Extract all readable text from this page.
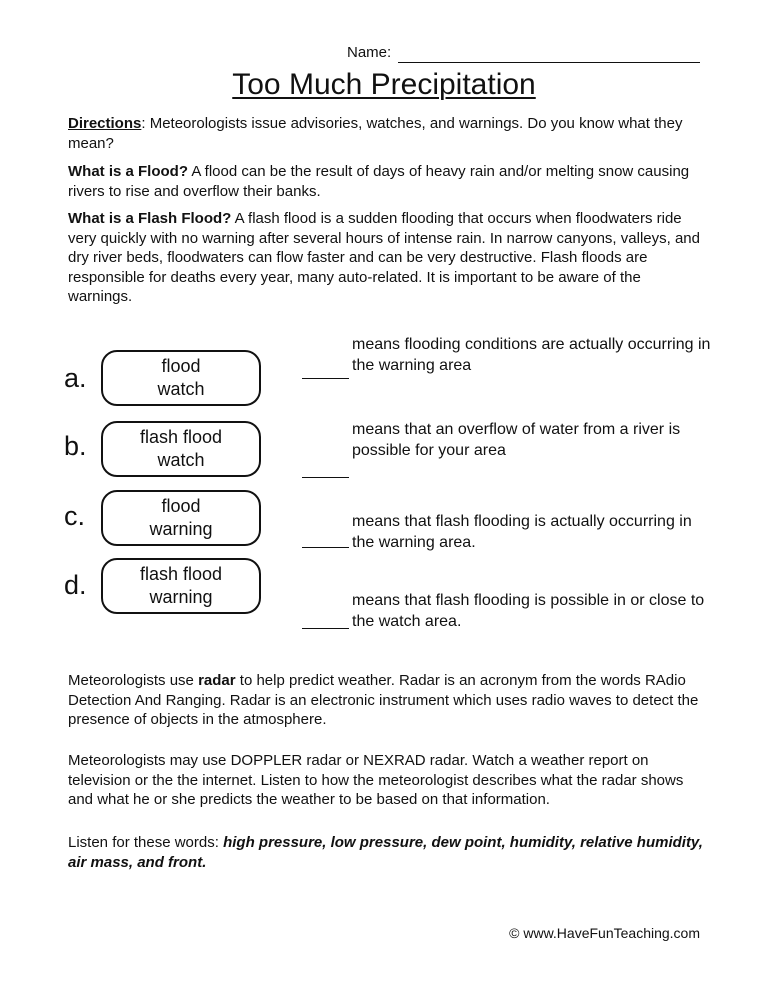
Name:
Too Much Precipitation
Directions: Meteorologists issue advisories, watches, and warnings. Do you know what they mean?
What is a Flood? A flood can be the result of days of heavy rain and/or melting snow causing rivers to rise and overflow their banks.
What is a Flash Flood? A flash flood is a sudden flooding that occurs when floodwaters ride very quickly with no warning after several hours of intense rain. In narrow canyons, valleys, and dry river beds, floodwaters can flow faster and can be very destructive. Flash floods are responsible for deaths every year, many auto-related. It is important to be aware of the warnings.
a.
b.
c.
d.
flood
watch
flash flood
watch
flood
warning
flash flood
warning
means flooding conditions are actually occurring in the warning area
means that an overflow of water from a river is possible for your area
means that flash flooding is actually occurring in the warning area.
means that flash flooding is possible in or close to the watch area.
Meteorologists use radar to help predict weather. Radar is an acronym from the words RAdio Detection And Ranging. Radar is an electronic instrument which uses radio waves to detect the presence of objects in the atmosphere.
Meteorologists may use DOPPLER radar or NEXRAD radar. Watch a weather report on television or the the internet. Listen to how the meteorologist describes what the radar shows and what he or she predicts the weather to be based on that information.
Listen for these words: high pressure, low pressure, dew point, humidity, relative humidity, air mass, and front.
© www.HaveFunTeaching.com
